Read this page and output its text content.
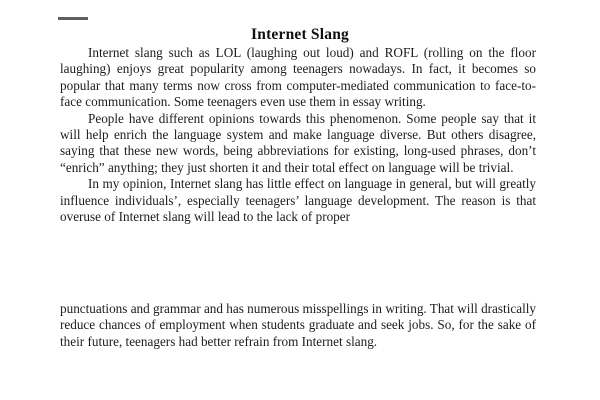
Internet Slang

Internet slang such as LOL (laughing out loud) and ROFL (rolling on the floor laughing) enjoys great popularity among teenagers nowadays. In fact, it becomes so popular that many terms now cross from computer-mediated communication to face-to-face communication. Some teenagers even use them in essay writing.

People have different opinions towards this phenomenon. Some people say that it will help enrich the language system and make language diverse. But others disagree, saying that these new words, being abbreviations for existing, long-used phrases, don’t “enrich” anything; they just shorten it and their total effect on language will be trivial.

In my opinion, Internet slang has little effect on language in general, but will greatly influence individuals’, especially teenagers’ language development. The reason is that overuse of Internet slang will lead to the lack of proper

punctuations and grammar and has numerous misspellings in writing. That will drastically reduce chances of employment when students graduate and seek jobs. So, for the sake of their future, teenagers had better refrain from Internet slang.
